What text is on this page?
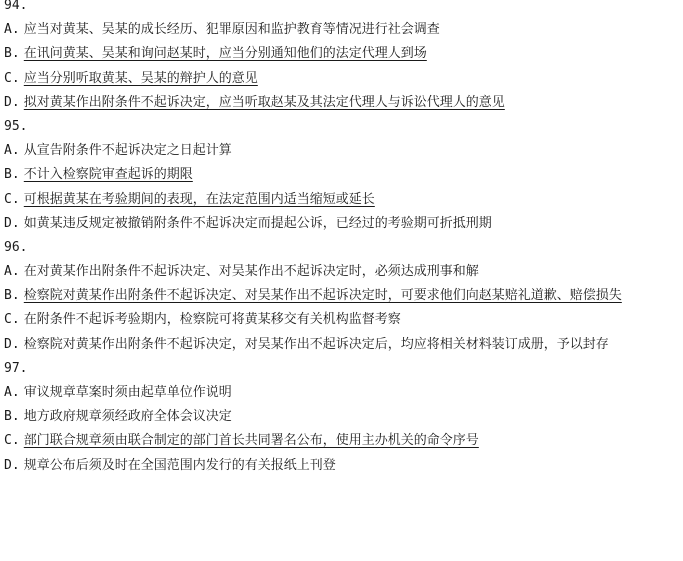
94.
A. 应当对黄某、吴某的成长经历、犯罪原因和监护教育等情况进行社会调查
B. 在讯问黄某、吴某和询问赵某时，应当分别通知他们的法定代理人到场
C. 应当分别听取黄某、吴某的辩护人的意见
D. 拟对黄某作出附条件不起诉决定，应当听取赵某及其法定代理人与诉讼代理人的意见
95.
A. 从宣告附条件不起诉决定之日起计算
B. 不计入检察院审查起诉的期限
C. 可根据黄某在考验期间的表现，在法定范围内适当缩短或延长
D. 如黄某违反规定被撤销附条件不起诉决定而提起公诉，已经过的考验期可折抵刑期
96.
A. 在对黄某作出附条件不起诉决定、对吴某作出不起诉决定时，必须达成刑事和解
B. 检察院对黄某作出附条件不起诉决定、对吴某作出不起诉决定时，可要求他们向赵某赔礼道歉、赔偿损失
C. 在附条件不起诉考验期内，检察院可将黄某移交有关机构监督考察
D. 检察院对黄某作出附条件不起诉决定，对吴某作出不起诉决定后，均应将相关材料装订成册，予以封存
97.
A. 审议规章草案时须由起草单位作说明
B. 地方政府规章须经政府全体会议决定
C. 部门联合规章须由联合制定的部门首长共同署名公布，使用主办机关的命令序号
D. 规章公布后须及时在全国范围内发行的有关报纸上刊登
